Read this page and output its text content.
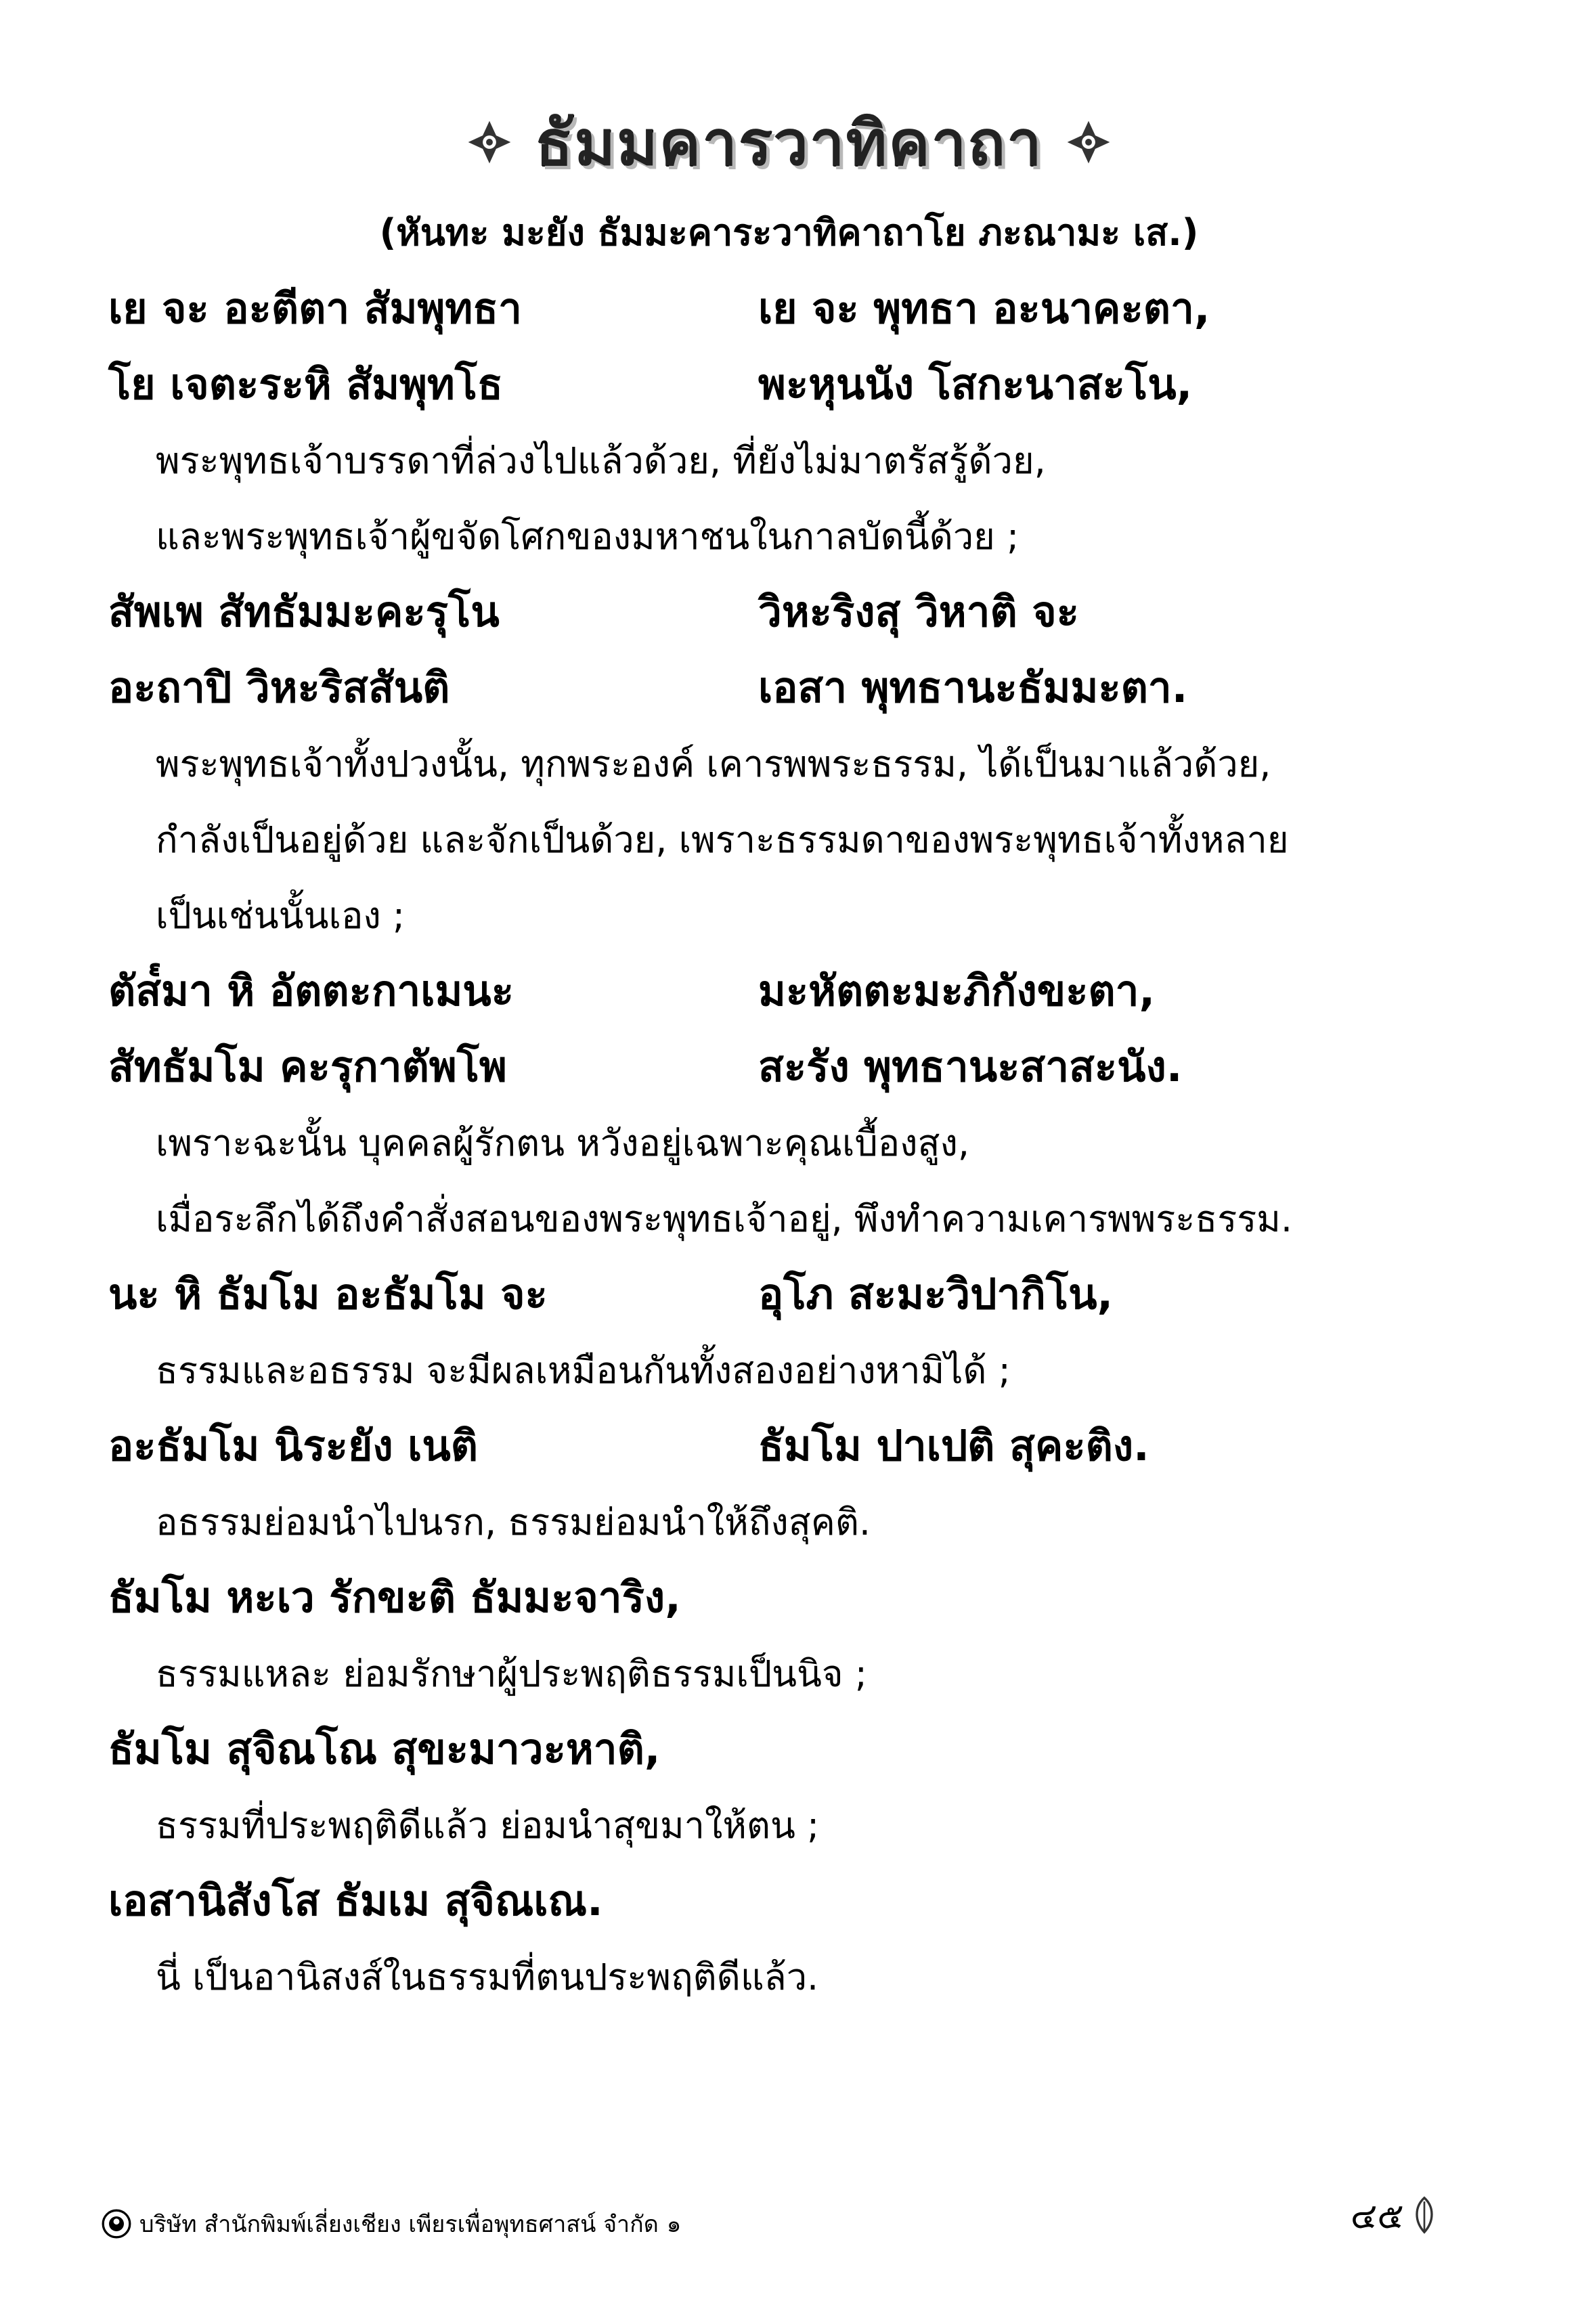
ธัมมคารวาทิคาถา
(หันทะ มะยัง ธัมมะคาระวาทิคาถาโย ภะณามะ เส.)
เย จะ อะตีตา สัมพุทธา	เย จะ พุทธา อะนาคะตา,
โย เจตะระหิ สัมพุทโธ	พะหุนนัง โสกะนาสะโน,
พระพุทธเจ้าบรรดาที่ล่วงไปแล้วด้วย, ที่ยังไม่มาตรัสรู้ด้วย,
และพระพุทธเจ้าผู้ขจัดโศกของมหาชนในกาลบัดนี้ด้วย ;
สัพเพ สัทธัมมะคะรุโน	วิหะริงสุ วิหาติ จะ
อะถาปิ วิหะริสสันติ	เอสา พุทธานะธัมมะตา.
พระพุทธเจ้าทั้งปวงนั้น, ทุกพระองค์ เคารพพระธรรม, ได้เป็นมาแล้วด้วย,
กำลังเป็นอยู่ด้วย และจักเป็นด้วย, เพราะธรรมดาของพระพุทธเจ้าทั้งหลาย
เป็นเช่นนั้นเอง ;
ตัส๎มา หิ อัตตะกาเมนะ	มะหัตตะมะภิกังขะตา,
สัทธัมโม คะรุกาตัพโพ	สะรัง พุทธานะสาสะนัง.
เพราะฉะนั้น บุคคลผู้รักตน หวังอยู่เฉพาะคุณเบื้องสูง,
เมื่อระลึกได้ถึงคำสั่งสอนของพระพุทธเจ้าอยู่, พึงทำความเคารพพระธรรม.
นะ หิ ธัมโม อะธัมโม จะ	อุโภ สะมะวิปากิโน,
ธรรมและอธรรม จะมีผลเหมือนกันทั้งสองอย่างหามิได้ ;
อะธัมโม นิระยัง เนติ	ธัมโม ปาเปติ สุคะติง.
อธรรมย่อมนำไปนรก, ธรรมย่อมนำให้ถึงสุคติ.
ธัมโม หะเว รักขะติ ธัมมะจาริง,
ธรรมแหละ ย่อมรักษาผู้ประพฤติธรรมเป็นนิจ ;
ธัมโม สุจิณโณ สุขะมาวะหาติ,
ธรรมที่ประพฤติดีแล้ว ย่อมนำสุขมาให้ตน ;
เอสานิสังโส ธัมเม สุจิณเณ.
นี่ เป็นอานิสงส์ในธรรมที่ตนประพฤติดีแล้ว.
บริษัท สำนักพิมพ์เลี่ยงเชียง เพียรเพื่อพุทธศาสน์ จำกัด ๑	๔๕
